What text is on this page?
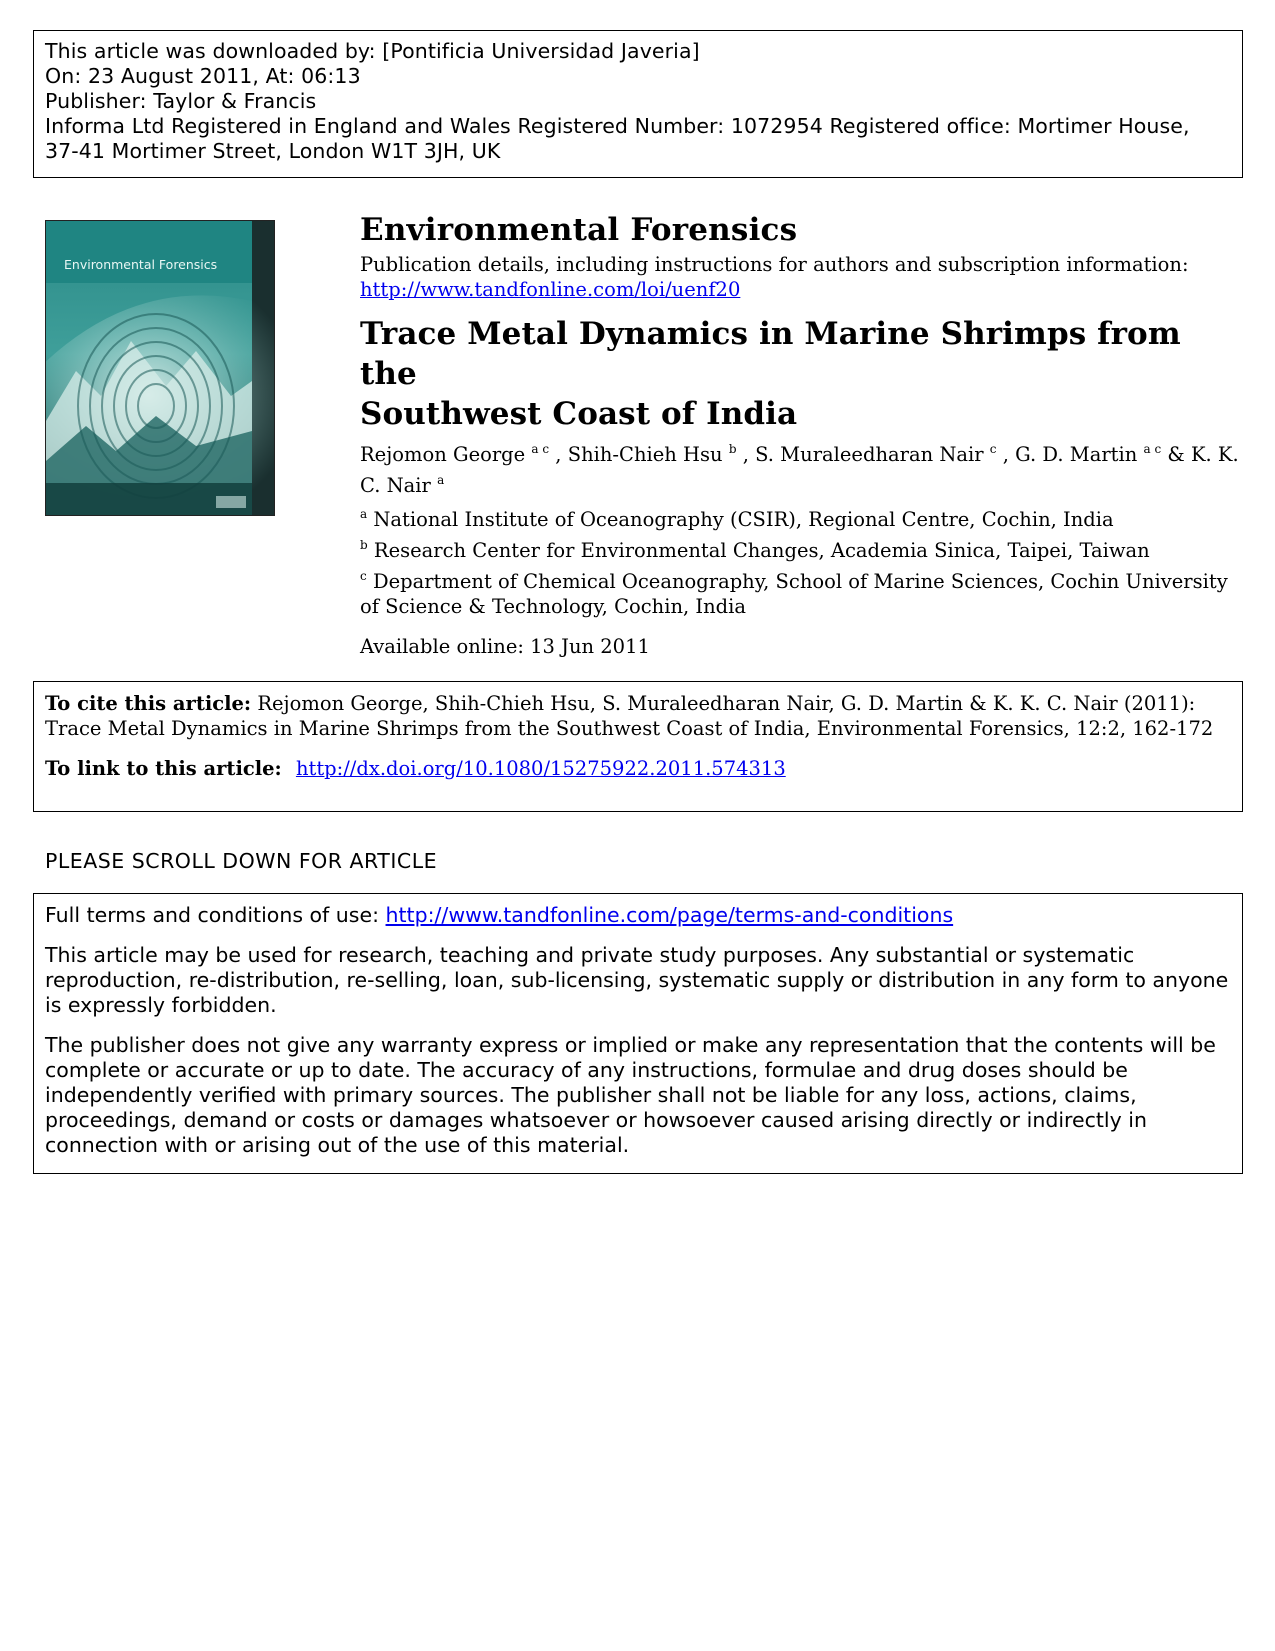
This article was downloaded by: [Pontificia Universidad Javeria]
On: 23 August 2011, At: 06:13
Publisher: Taylor & Francis
Informa Ltd Registered in England and Wales Registered Number: 1072954 Registered office: Mortimer House,
37-41 Mortimer Street, London W1T 3JH, UK
Environmental Forensics
Environmental Forensics
Publication details, including instructions for authors and subscription information:
http://www.tandfonline.com/loi/uenf20
Trace Metal Dynamics in Marine Shrimps from the
Southwest Coast of India
Rejomon George $^{a c}$ , Shih-Chieh Hsu $^b$ , S. Muraleedharan Nair $^c$ , G. D. Martin $^{a c}$ & K. K. C. Nair $^a$
$^a$ National Institute of Oceanography (CSIR), Regional Centre, Cochin, India
$^b$ Research Center for Environmental Changes, Academia Sinica, Taipei, Taiwan
$^c$ Department of Chemical Oceanography, School of Marine Sciences, Cochin University of Science & Technology, Cochin, India
Available online: 13 Jun 2011

To cite this article: Rejomon George, Shih-Chieh Hsu, S. Muraleedharan Nair, G. D. Martin & K. K. C. Nair (2011): Trace Metal Dynamics in Marine Shrimps from the Southwest Coast of India, Environmental Forensics, 12:2, 162-172

To link to this article: http://dx.doi.org/10.1080/15275922.2011.574313
PLEASE SCROLL DOWN FOR ARTICLE

Full terms and conditions of use: http://www.tandfonline.com/page/terms-and-conditions

This article may be used for research, teaching and private study purposes. Any substantial or systematic reproduction, re-distribution, re-selling, loan, sub-licensing, systematic supply or distribution in any form to anyone is expressly forbidden.

The publisher does not give any warranty express or implied or make any representation that the contents will be complete or accurate or up to date. The accuracy of any instructions, formulae and drug doses should be independently verified with primary sources. The publisher shall not be liable for any loss, actions, claims, proceedings, demand or costs or damages whatsoever or howsoever caused arising directly or indirectly in connection with or arising out of the use of this material.
